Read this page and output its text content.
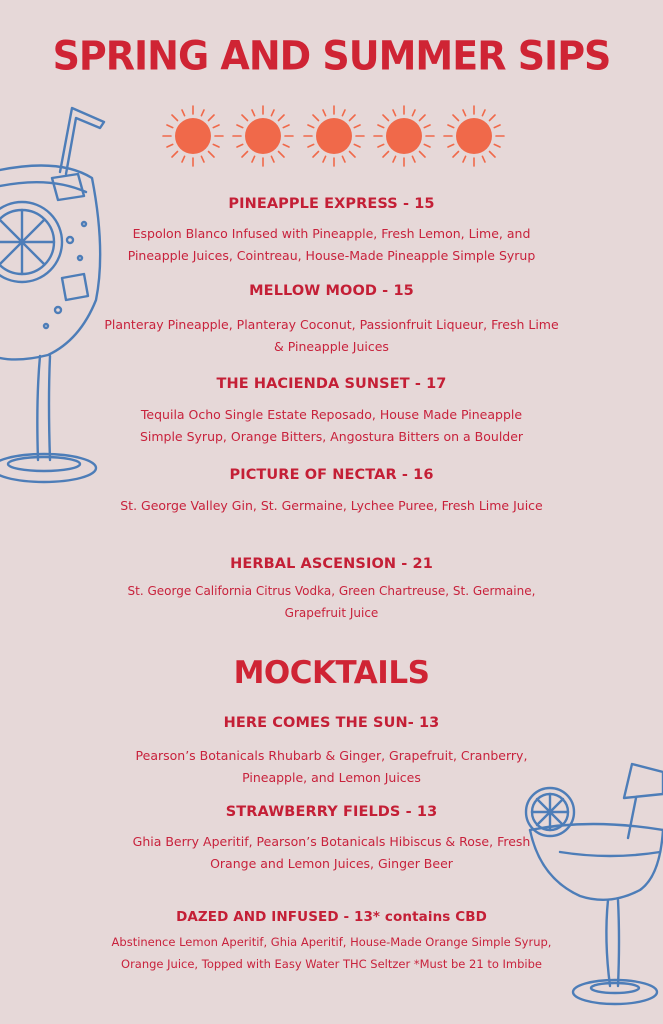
SPRING AND SUMMER SIPS
PINEAPPLE EXPRESS - 15
Espolon Blanco Infused with Pineapple, Fresh Lemon, Lime, and Pineapple Juices, Cointreau, House-Made Pineapple Simple Syrup
MELLOW MOOD - 15
Planteray Pineapple, Planteray Coconut, Passionfruit Liqueur, Fresh Lime & Pineapple Juices
THE HACIENDA SUNSET - 17
Tequila Ocho Single Estate Reposado, House Made Pineapple Simple Syrup, Orange Bitters, Angostura Bitters on a Boulder
PICTURE OF NECTAR - 16
St. George Valley Gin, St. Germaine, Lychee Puree, Fresh Lime Juice
HERBAL ASCENSION - 21
St. George California Citrus Vodka, Green Chartreuse, St. Germaine, Grapefruit Juice
MOCKTAILS
HERE COMES THE SUN- 13
Pearson’s Botanicals Rhubarb & Ginger, Grapefruit, Cranberry, Pineapple, and Lemon Juices
STRAWBERRY FIELDS - 13
Ghia Berry Aperitif, Pearson’s Botanicals Hibiscus & Rose, Fresh Orange and Lemon Juices, Ginger Beer
DAZED AND INFUSED - 13* contains CBD
Abstinence Lemon Aperitif, Ghia Aperitif, House-Made Orange Simple Syrup, Orange Juice, Topped with Easy Water THC Seltzer *Must be 21 to Imbibe
